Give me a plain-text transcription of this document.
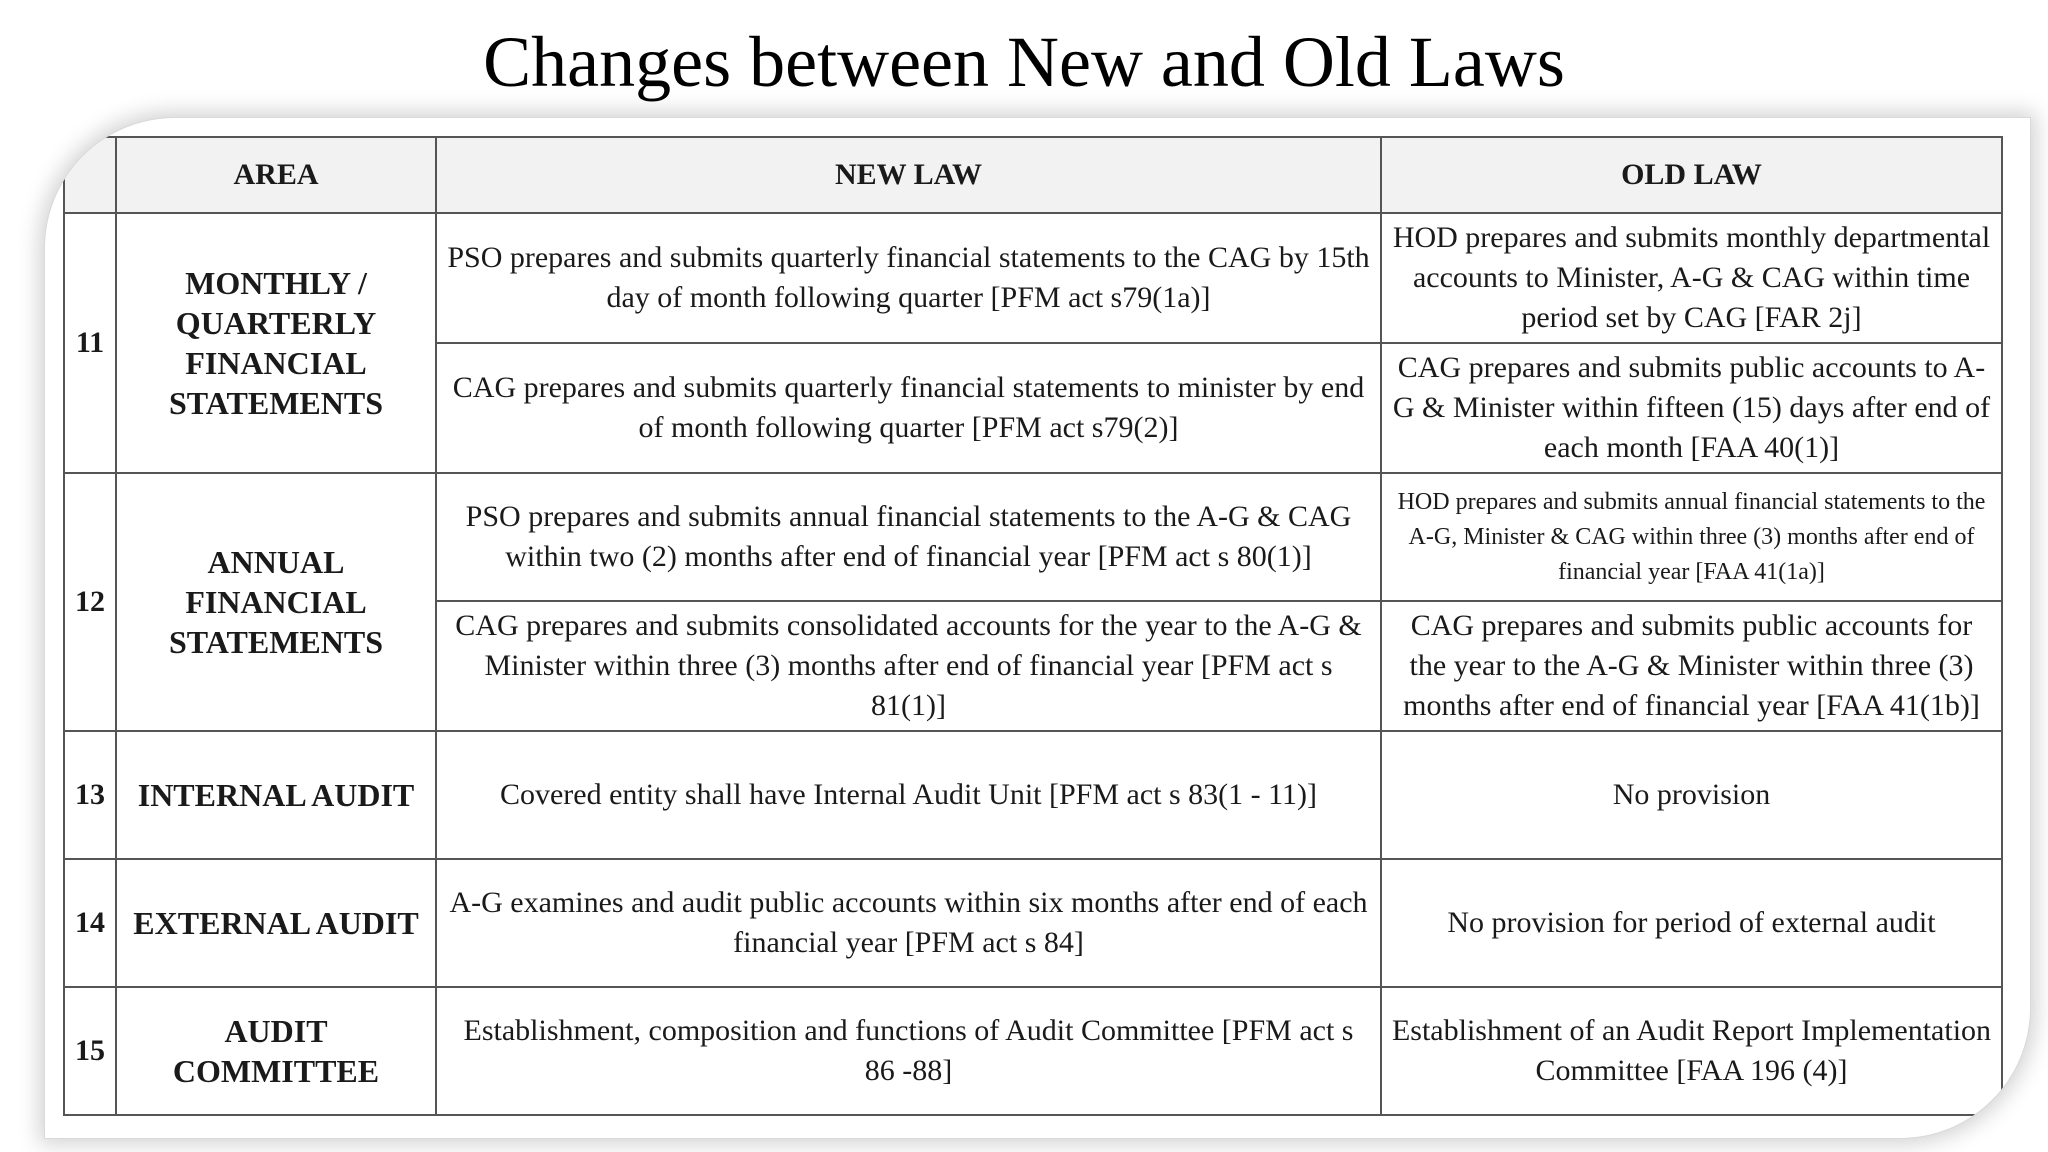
Changes between New and Old Laws
	AREA	NEW LAW	OLD LAW
11	MONTHLY / QUARTERLY FINANCIAL STATEMENTS	PSO prepares and submits quarterly financial statements to the CAG by 15th day of month following quarter [PFM act s79(1a)]	HOD prepares and submits monthly departmental accounts to Minister, A-G & CAG within time period set by CAG [FAR 2j]
		CAG prepares and submits quarterly financial statements to minister by end of month following quarter [PFM act s79(2)]	CAG prepares and submits public accounts to A-G & Minister within fifteen (15) days after end of each month [FAA 40(1)]
12	ANNUAL FINANCIAL STATEMENTS	PSO prepares and submits annual financial statements to the A-G & CAG within two (2) months after end of financial year [PFM act s 80(1)]	HOD prepares and submits annual financial statements to the A-G, Minister & CAG within three (3) months after end of financial year [FAA 41(1a)]
		CAG prepares and submits consolidated accounts for the year to the A-G & Minister within three (3) months after end of financial year [PFM act s 81(1)]	CAG prepares and submits public accounts for the year to the A-G & Minister within three (3) months after end of financial year [FAA 41(1b)]
13	INTERNAL AUDIT	Covered entity shall have Internal Audit Unit [PFM act s 83(1 - 11)]	No provision
14	EXTERNAL AUDIT	A-G examines and audit public accounts within six months after end of each financial year [PFM act s 84]	No provision for period of external audit
15	AUDIT COMMITTEE	Establishment, composition and functions of Audit Committee [PFM act s 86 -88]	Establishment of an Audit Report Implementation Committee [FAA 196 (4)]
